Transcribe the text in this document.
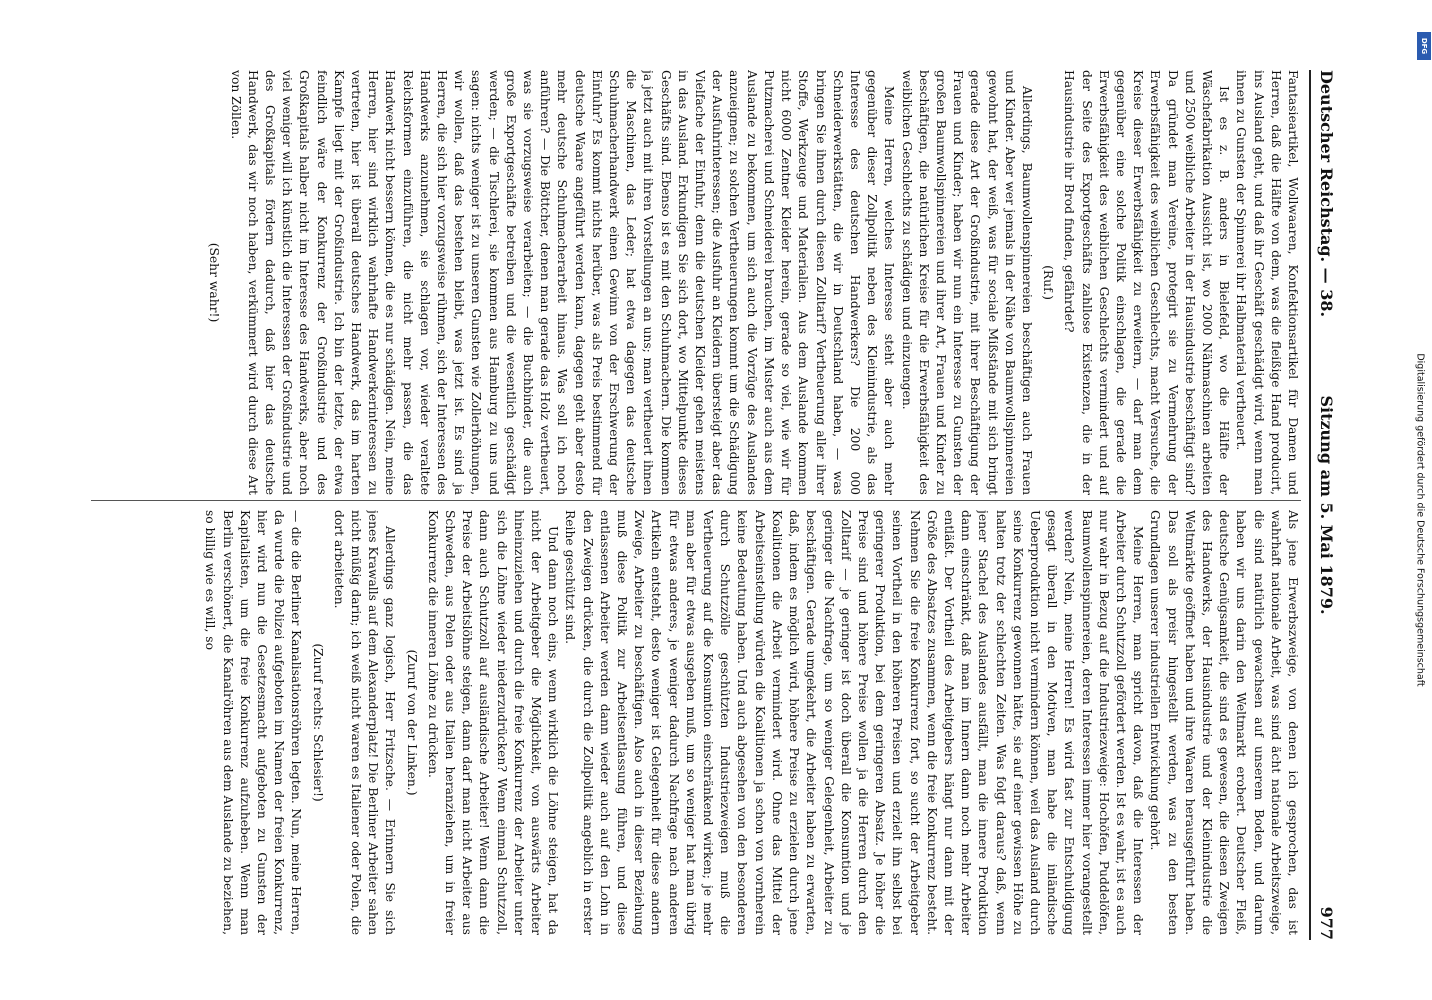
Deutscher Reichstag. — 38.
Sitzung am 5. Mai 1879.
977

Fantasieartikel, Wollwaaren, Konfektionsartikel für Damen und Herren, daß die Hälfte von dem, was die fleißige Hand producirt, ins Ausland geht, und daß ihr Geschäft geschädigt wird, wenn man ihnen zu Gunsten der Spinnerei ihr Halbmaterial vertheuert.

Ist es z. B. anders in Bielefeld, wo die Hälfte der Wäschefabrikation Aussicht ist, wo 2000 Nähmaschinen arbeiten und 2500 weibliche Arbeiter in der Hausindustrie beschäftigt sind? Da gründet man Vereine, protegirt sie zu Vermehrung der Erwerbsfähigkeit des weiblichen Geschlechts, macht Versuche, die Kreise dieser Erwerbsfähigkeit zu erweitern, — darf man dem gegenüber eine solche Politik einschlagen, die gerade die Erwerbsfähigkeit des weiblichen Geschlechts vermindert und auf der Seite des Exportgeschäfts zahllose Existenzen, die in der Hausindustrie ihr Brod finden, gefährdet?

(Ruf.)

Allerdings, Baumwollenspinnereien beschäftigen auch Frauen und Kinder. Aber wer jemals in der Nähe von Baumwollspinnereien gewohnt hat, der weiß, was für sociale Mißstände mit sich bringt gerade diese Art der Großindustrie, mit ihrer Beschäftigung der Frauen und Kinder; haben wir nun ein Interesse zu Gunsten der großen Baumwollspinnereien und ihrer Art, Frauen und Kinder zu beschäftigen, die natürlichen Kreise für die Erwerbsfähigkeit des weiblichen Geschlechts zu schädigen und einzuengen.

Meine Herren, welches Interesse steht aber auch mehr gegenüber dieser Zollpolitik neben des Kleinindustrie, als das Interesse des deutschen Handwerkers? Die 200 000 Schneiderwerkstätten, die wir in Deutschland haben, — was bringen Sie ihnen durch diesen Zolltarif? Vertheuerung aller ihrer Stoffe, Werkzeuge und Materialien. Aus dem Auslande kommen nicht 6000 Zentner Kleider herein, gerade so viel, wie wir für Putzmacherei und Schneiderei brauchen, im Muster auch aus dem Auslande zu bekommen, um sich auch die Vorzüge des Auslandes anzueignen; zu solchen Vertheuerungen kommt um die Schädigung der Ausfuhrinteressen; die Ausfuhr an Kleidern übersteigt aber das Vielfache der Einfuhr, denn die deutschen Kleider gehen meistens in das Ausland. Erkundigen Sie sich dort, wo Mittelpunkte dieses Geschäfts sind. Ebenso ist es mit den Schuhmachern. Die kommen ja jetzt auch mit ihren Vorstellungen an uns; man vertheuert ihnen die Maschinen, das Leder; hat etwa dagegen das deutsche Schuhmacherhandwerk einen Gewinn von der Erschwerung der Einfuhr? Es kommt nichts herüber, was als Preis bestimmend für deutsche Waare angeführt werden kann, dagegen geht aber desto mehr deutsche Schuhmacherarbeit hinaus. Was soll ich noch anführen? — Die Böttcher, denen man gerade das Holz vertheuert, was sie vorzugsweise verarbeiten; — die Buchbinder, die auch große Exportgeschäfte betreiben und die wesentlich geschädigt werden; — die Tischlerei, sie kommen aus Hamburg zu uns und sagen: nichts weniger ist zu unseren Gunsten wie Zollerhöhungen, wir wollen, daß das bestehen bleibt, was jetzt ist. Es sind ja Herren, die sich hier vorzugsweise rühmen, sich der Interessen des Handwerks anzunehmen, sie schlagen vor, wieder veraltete Reichsformen einzuführen, die nicht mehr passen, die das Handwerk nicht bessern können, die es nur schädigen. Nein, meine Herren, hier sind wirklich wahrhafte Handwerkerinteressen zu vertreten, hier ist überall deutsches Handwerk, das im harten Kampfe liegt mit der Großindustrie. Ich bin der letzte, der etwa feindlich wäre der Konkurrenz der Großindustrie und des Großkapitals halber nicht im Interesse des Handwerks, aber noch viel weniger will ich künstlich die Interessen der Großindustrie und des Großkapitals fördern dadurch, daß hier das deutsche Handwerk, das wir noch haben, verkümmert wird durch diese Art von Zöllen.

(Sehr wahr!)

Als jene Erwerbszweige, von denen ich gesprochen, das ist wahrhaft nationale Arbeit, was sind ächt nationale Arbeitszweige, die sind natürlich gewachsen auf unserem Boden, und darum haben wir uns darin den Weltmarkt erobert. Deutscher Fleiß, deutsche Genügsamkeit, die sind es gewesen, die diesen Zweigen des Handwerks, der Hausindustrie und der Kleinindustrie die Weltmärkte geöffnet haben und ihre Waaren herausgeführt haben. Das soll als preisr hingestellt werden, was zu den besten Grundlagen unserer industriellen Entwicklung gehört.

Meine Herren, man spricht davon, daß die Interessen der Arbeiter durch Schutzzoll gefördert werden. Ist es wahr, ist es auch nur wahr in Bezug auf die Industriezweige: Hochöfen, Puddelöfen, Baumwollenspinnereien, deren Interessen immer hier vorangestellt werden? Nein, meine Herren! Es wird fast zur Entschuldigung gesagt überall in den Motiven, man habe die inländische Ueberproduktion nicht vermindern können, weil das Ausland durch seine Konkurrenz gewonnen hätte, sie auf einer gewissen Höhe zu halten trotz der schlechten Zeiten. Was folgt daraus? daß, wenn jener Stachel des Auslandes ausfällt, man die innere Produktion dann einschränkt, daß man im Innern dann noch mehr Arbeiter entläßt. Der Vortheil des Arbeitgebers hängt nur dann mit der Größe des Absatzes zusammen, wenn die freie Konkurrenz besteht. Nehmen Sie die freie Konkurrenz fort, so sucht der Arbeitgeber seinen Vortheil in den höheren Preisen und erzielt ihn selbst bei geringerer Produktion, bei dem geringeren Absatz. Je höher die Preise sind und höhere Preise wollen ja die Herren durch den Zolltarif — je geringer ist doch überall die Konsumtion und je geringer die Nachfrage, um so weniger Gelegenheit, Arbeiter zu beschäftigen. Gerade umgekehrt, die Arbeiter haben zu erwarten, daß, indem es möglich wird, höhere Preise zu erzielen durch jene Koalitionen die Arbeit vermindert wird. Ohne das Mittel der Arbeitseinstellung würden die Koalitionen ja schon von vornherein keine Bedeutung haben. Und auch abgesehen von den besonderen durch Schutzzölle geschützten Industriezweigen muß die Vertheuerung auf die Konsumtion einschränkend wirken; je mehr man aber für etwas ausgeben muß, um so weniger hat man übrig für etwas anderes, je weniger dadurch Nachfrage nach anderen Artikeln entsteht, desto weniger ist Gelegenheit für diese andern Zweige, Arbeiter zu beschäftigen. Also auch in dieser Beziehung muß diese Politik zur Arbeitsentlassung führen, und diese entlassenen Arbeiter werden dann wieder auch auf den Lohn in den Zweigen drücken, die durch die Zollpolitik angeblich in erster Reihe geschützt sind.

Und dann noch eins, wenn wirklich die Löhne steigen, hat da nicht der Arbeitgeber die Möglichkeit, von auswärts Arbeiter hineinzuziehen und durch die freie Konkurrenz der Arbeiter unter sich die Löhne wieder niederzudrücken? Wenn einmal Schutzzoll, dann auch Schutzzoll auf ausländische Arbeiter! Wenn dann die Preise der Arbeitslöhne steigen, dann darf man nicht Arbeiter aus Schweden, aus Polen oder aus Italien heranziehen, um in freier Konkurrenz die inneren Löhne zu drücken.

(Zuruf von der Linken.)

Allerdings ganz logisch, Herr Fritzsche. — Erinnern Sie sich jenes Krawalls auf dem Alexanderplatz! Die Berliner Arbeiter sahen nicht müßig darin; ich weiß nicht waren es Italiener oder Polen, die dort arbeiteten.

(Zuruf rechts: Schlesier!)

— die die Berliner Kanalisationsröhren legten. Nun, meine Herren, da wurde die Polizei aufgeboten im Namen der freien Konkurrenz, hier wird nun die Gesetzesmacht aufgeboten zu Gunsten der Kapitalisten, um die freie Konkurrenz aufzuheben. Wenn man Berlin verschönert, die Kanalröhren aus dem Auslande zu beziehen, so billig wie es will, so

DFG
Digitalisierung gefördert durch die Deutsche Forschungsgemeinschaft
